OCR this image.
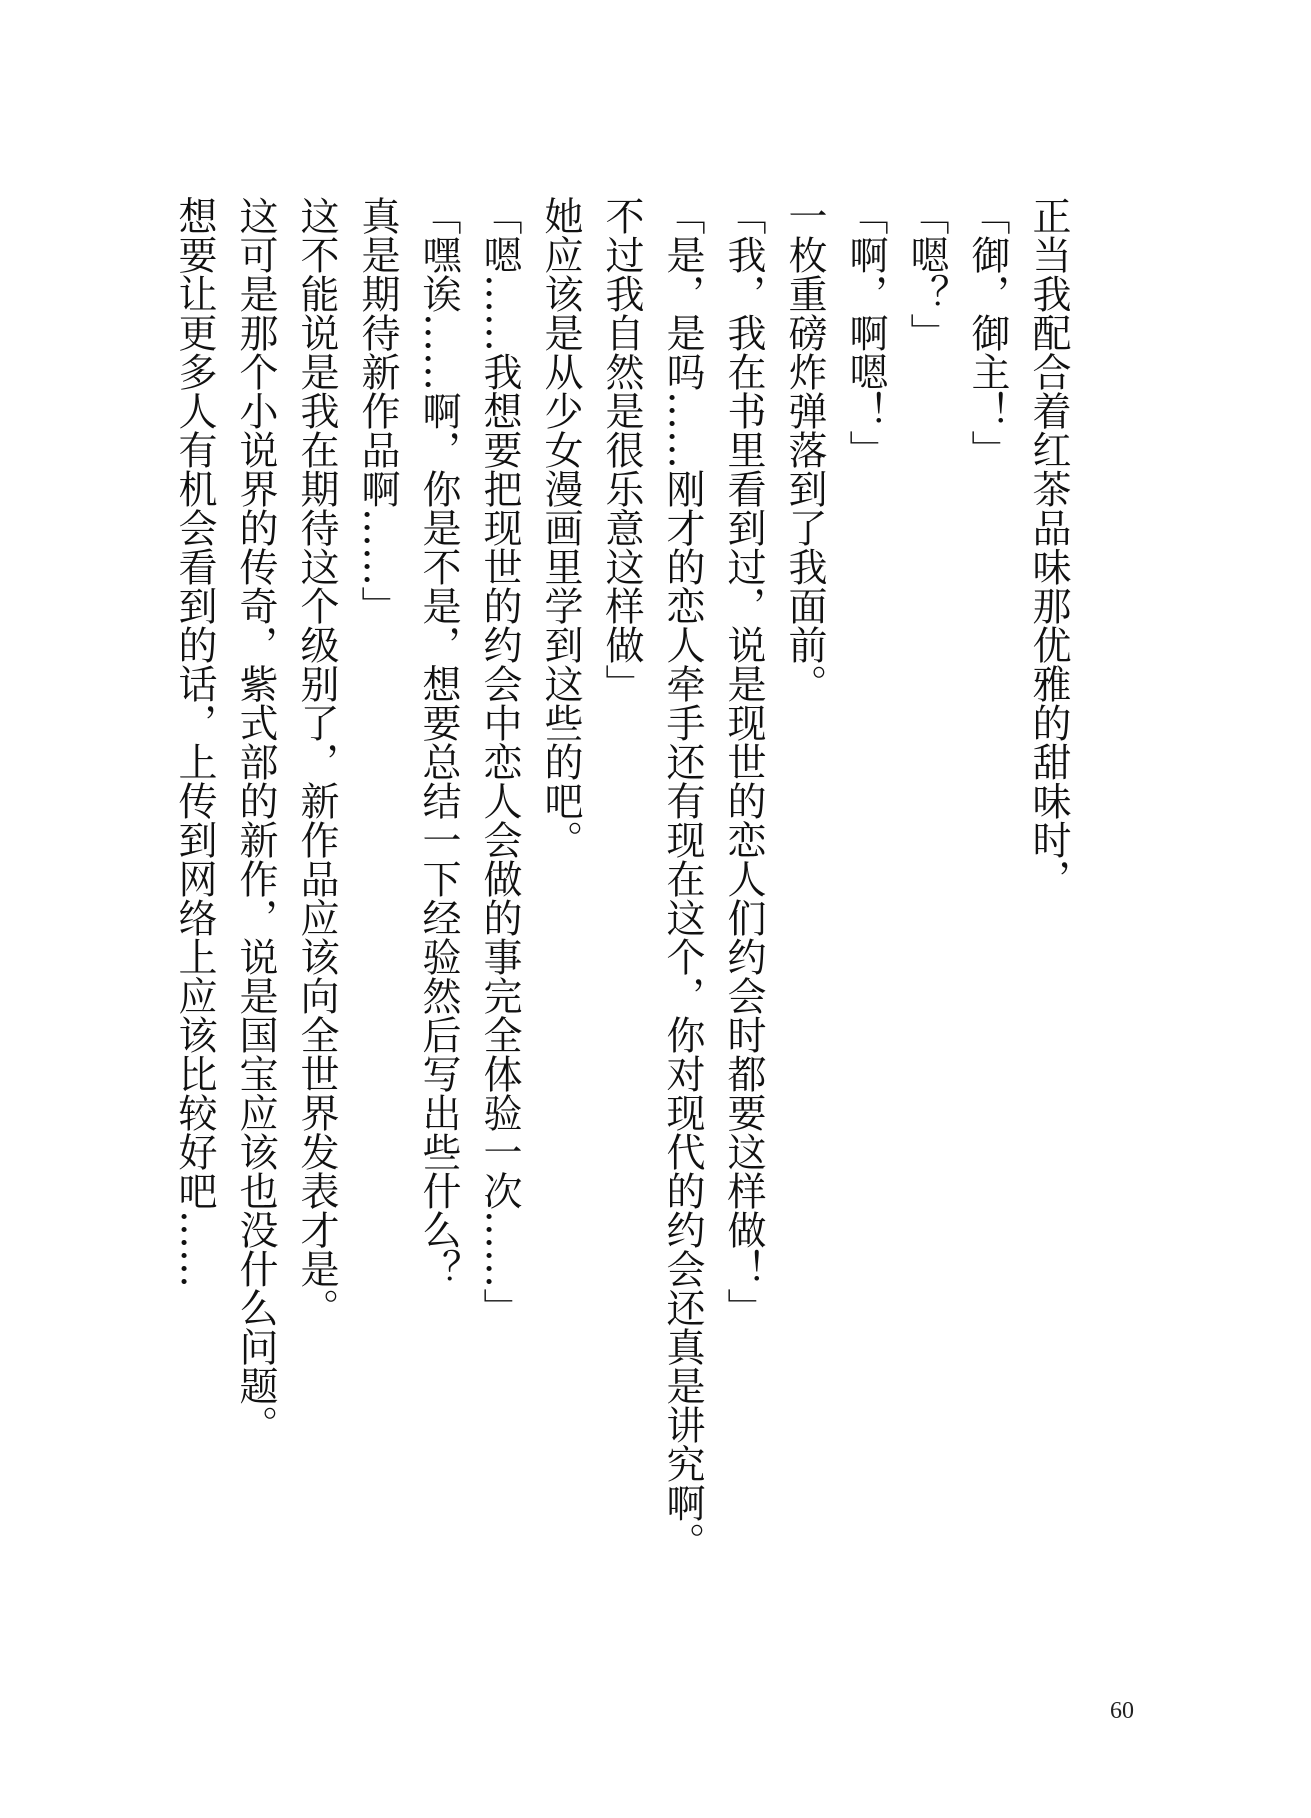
正当我配合着红茶品味那优雅的甜味时，

「御，御主！」

「嗯？」

「啊，啊嗯！」

一枚重磅炸弹落到了我面前。

「我，我在书里看到过，说是现世的恋人们约会时都要这样做！」

「是，是吗……刚才的恋人牵手还有现在这个，你对现代的约会还真是讲究啊。

不过我自然是很乐意这样做」

她应该是从少女漫画里学到这些的吧。

「嗯……我想要把现世的约会中恋人会做的事完全体验一次……」

「嘿诶……啊，你是不是，想要总结一下经验然后写出些什么？

真是期待新作品啊……」

这不能说是我在期待这个级别了，新作品应该向全世界发表才是。

这可是那个小说界的传奇，紫式部的新作，说是国宝应该也没什么问题。

想要让更多人有机会看到的话，上传到网络上应该比较好吧……

60
